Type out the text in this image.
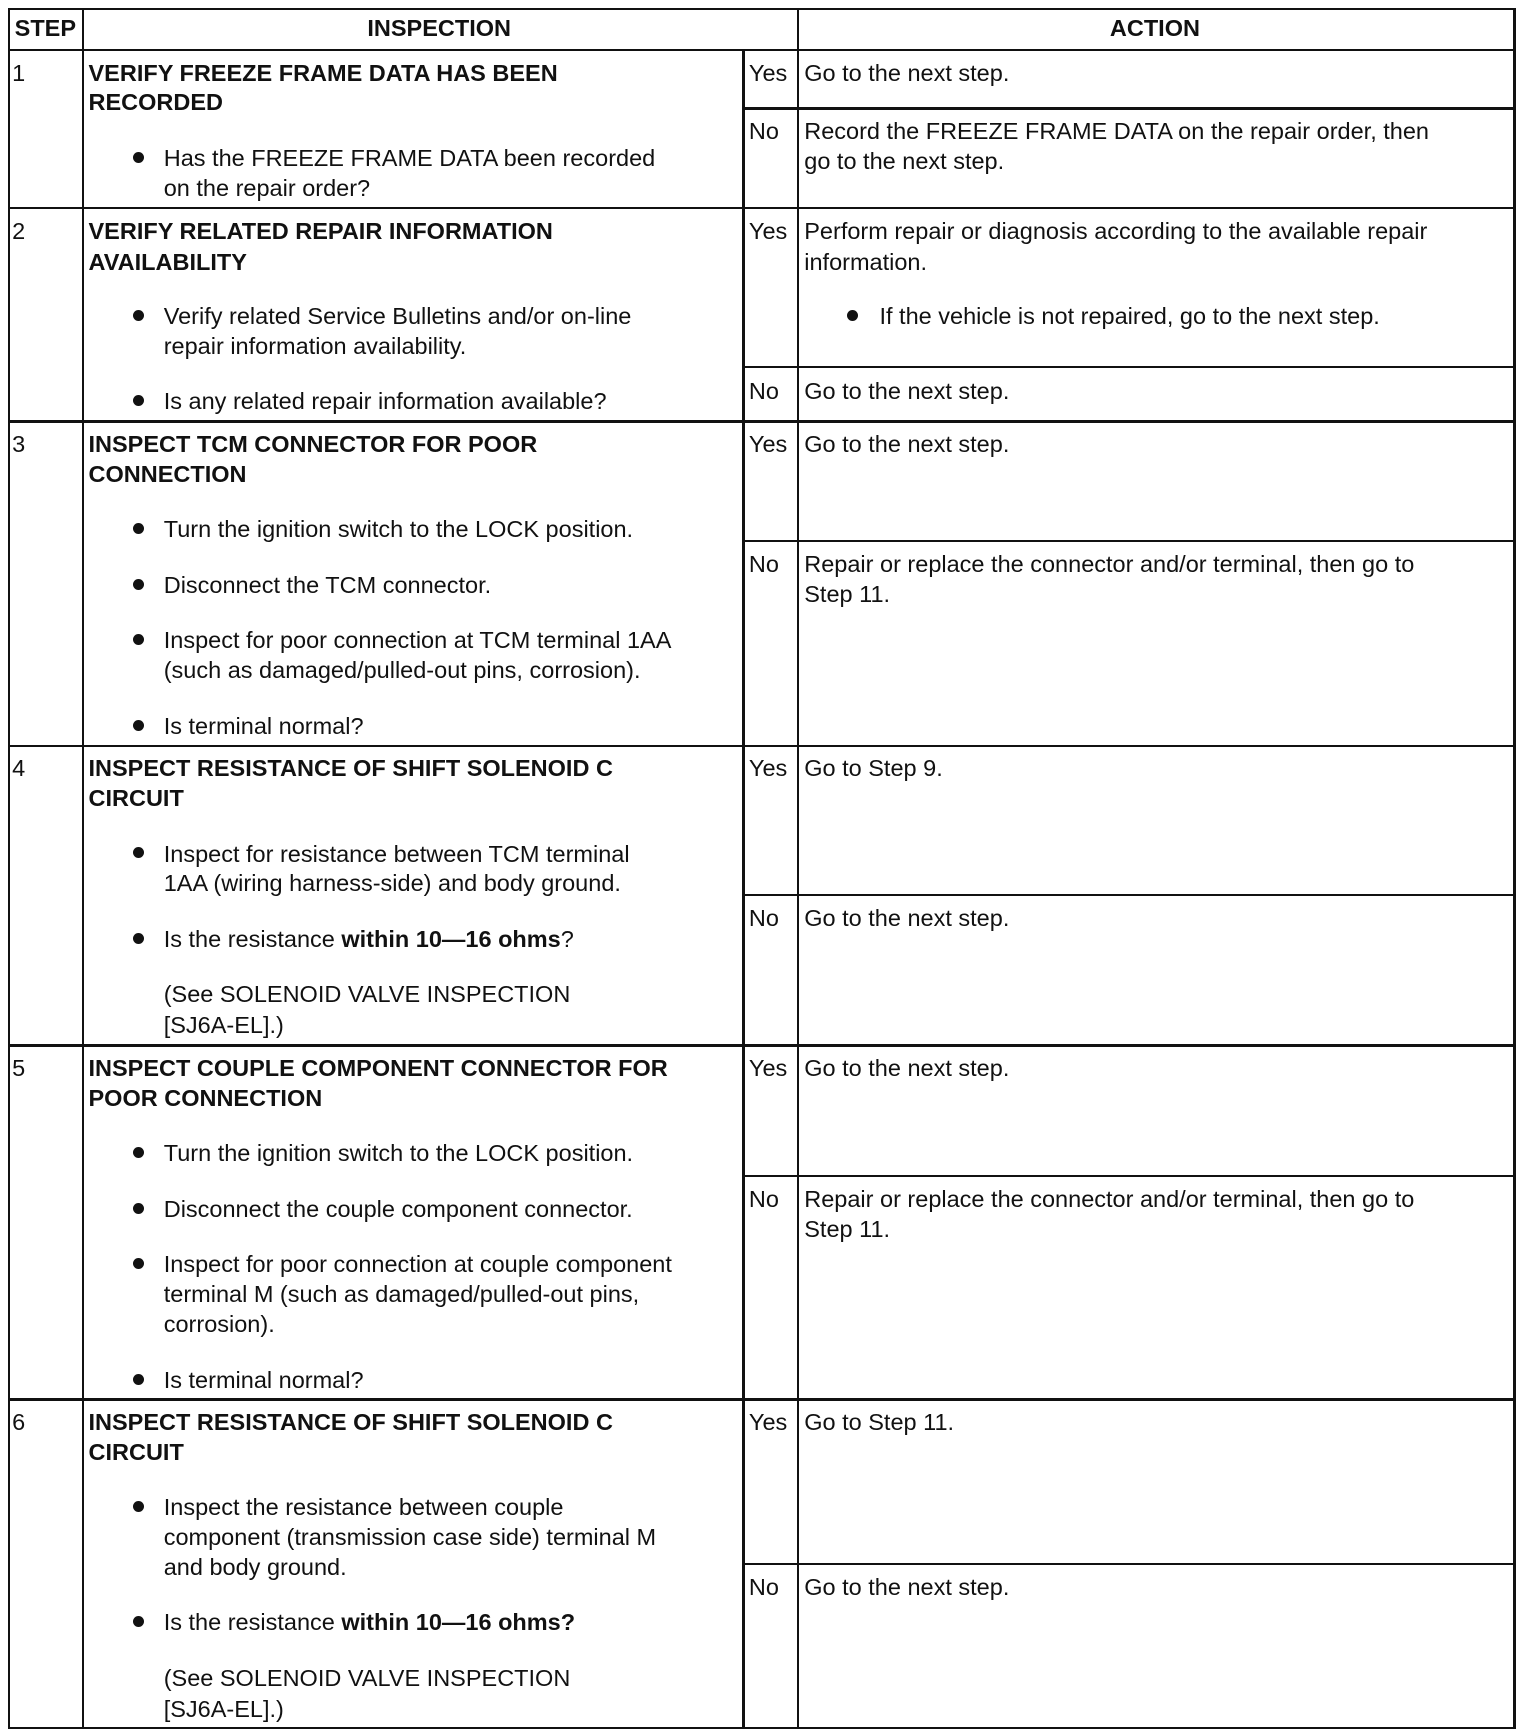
STEP	INSPECTION	ACTION
1	VERIFY FREEZE FRAME DATA HAS BEEN
RECORDED
Has the FREEZE FRAME DATA been recorded
on the repair order?
Yes Go to the next step.
No Record the FREEZE FRAME DATA on the repair order, then
go to the next step.
2	VERIFY RELATED REPAIR INFORMATION
AVAILABILITY
Verify related Service Bulletins and/or on-line
repair information availability.
Is any related repair information available?
Yes Perform repair or diagnosis according to the available repair
information.
If the vehicle is not repaired, go to the next step.
No Go to the next step.
3	INSPECT TCM CONNECTOR FOR POOR
CONNECTION
Turn the ignition switch to the LOCK position.
Disconnect the TCM connector.
Inspect for poor connection at TCM terminal 1AA
(such as damaged/pulled-out pins, corrosion).
Is terminal normal?
Yes Go to the next step.
No Repair or replace the connector and/or terminal, then go to
Step 11.
4	INSPECT RESISTANCE OF SHIFT SOLENOID C
CIRCUIT
Inspect for resistance between TCM terminal
1AA (wiring harness-side) and body ground.
Is the resistance within 10—16 ohms?
(See SOLENOID VALVE INSPECTION
[SJ6A-EL].)
Yes Go to Step 9.
No Go to the next step.
5	INSPECT COUPLE COMPONENT CONNECTOR FOR
POOR CONNECTION
Turn the ignition switch to the LOCK position.
Disconnect the couple component connector.
Inspect for poor connection at couple component
terminal M (such as damaged/pulled-out pins,
corrosion).
Is terminal normal?
Yes Go to the next step.
No Repair or replace the connector and/or terminal, then go to
Step 11.
6	INSPECT RESISTANCE OF SHIFT SOLENOID C
CIRCUIT
Inspect the resistance between couple
component (transmission case side) terminal M
and body ground.
Is the resistance within 10—16 ohms?
(See SOLENOID VALVE INSPECTION
[SJ6A-EL].)
Yes Go to Step 11.
No Go to the next step.
